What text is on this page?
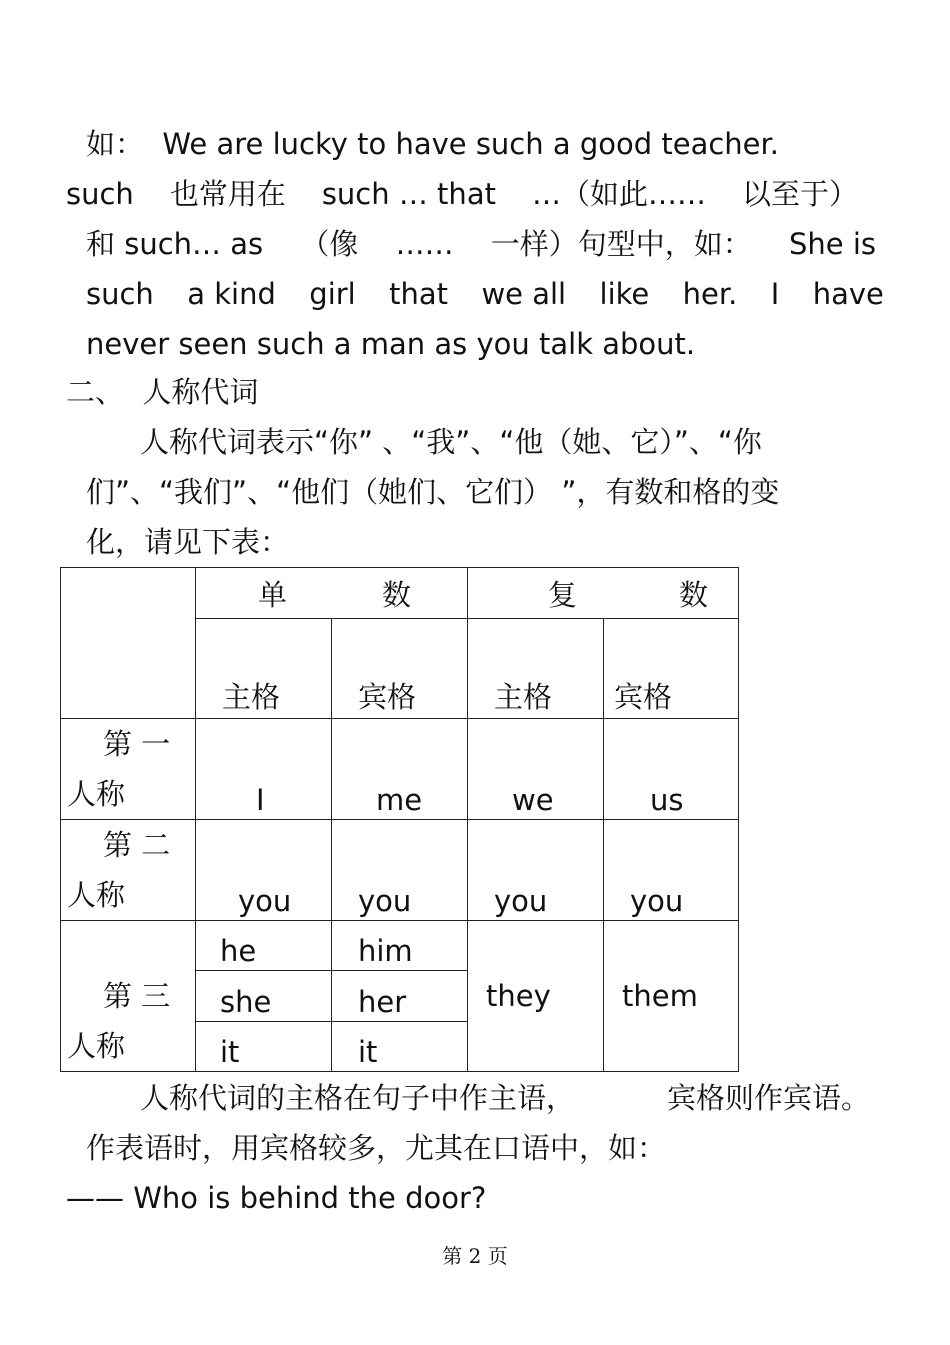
如：  We are lucky to have such a good teacher.
such 也常用在 such … that …（如此…… 以至于）
和 such… as （像 …… 一样）句型中，如： She is
such a kind girl that we all like her. I have
never seen such a man as you talk about.
二、  人称代词
人称代词表示“你” 、“我”、“他（她、它）”、“你
们”、“我们”、“他们（她们、它们） ”，有数和格的变
化，请见下表：

	单 数		复 数	

	主格	宾格	主格	宾格

第 一
人称	I	me	we	us

第 二
人称	you	you	you	you

第 三
人称	he	him	they	them

	she	her		

	it	it		
人称代词的主格在句子中作主语，	宾格则作宾语。
作表语时，用宾格较多，尤其在口语中，如：
—— Who is behind the door?
第 2 页
